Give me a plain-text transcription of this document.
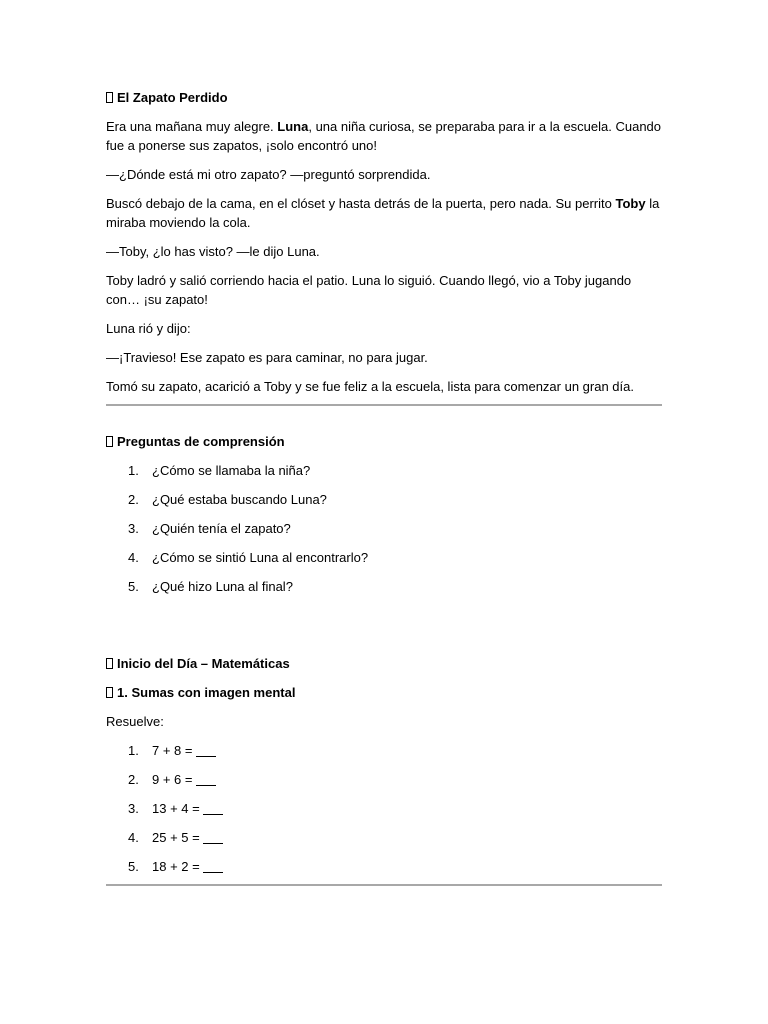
El Zapato Perdido

Era una mañana muy alegre. Luna, una niña curiosa, se preparaba para ir a la escuela. Cuando fue a ponerse sus zapatos, ¡solo encontró uno!

—¿Dónde está mi otro zapato? —preguntó sorprendida.

Buscó debajo de la cama, en el clóset y hasta detrás de la puerta, pero nada. Su perrito Toby la miraba moviendo la cola.

—Toby, ¿lo has visto? —le dijo Luna.

Toby ladró y salió corriendo hacia el patio. Luna lo siguió. Cuando llegó, vio a Toby jugando con… ¡su zapato!

Luna rió y dijo:

—¡Travieso! Ese zapato es para caminar, no para jugar.

Tomó su zapato, acarició a Toby y se fue feliz a la escuela, lista para comenzar un gran día.

Preguntas de comprensión

1. ¿Cómo se llamaba la niña?
2. ¿Qué estaba buscando Luna?
3. ¿Quién tenía el zapato?
4. ¿Cómo se sintió Luna al encontrarlo?
5. ¿Qué hizo Luna al final?

Inicio del Día – Matemáticas

1. Sumas con imagen mental

Resuelve:

1. 7 + 8 =
2. 9 + 6 =
3. 13 + 4 =
4. 25 + 5 =
5. 18 + 2 =
